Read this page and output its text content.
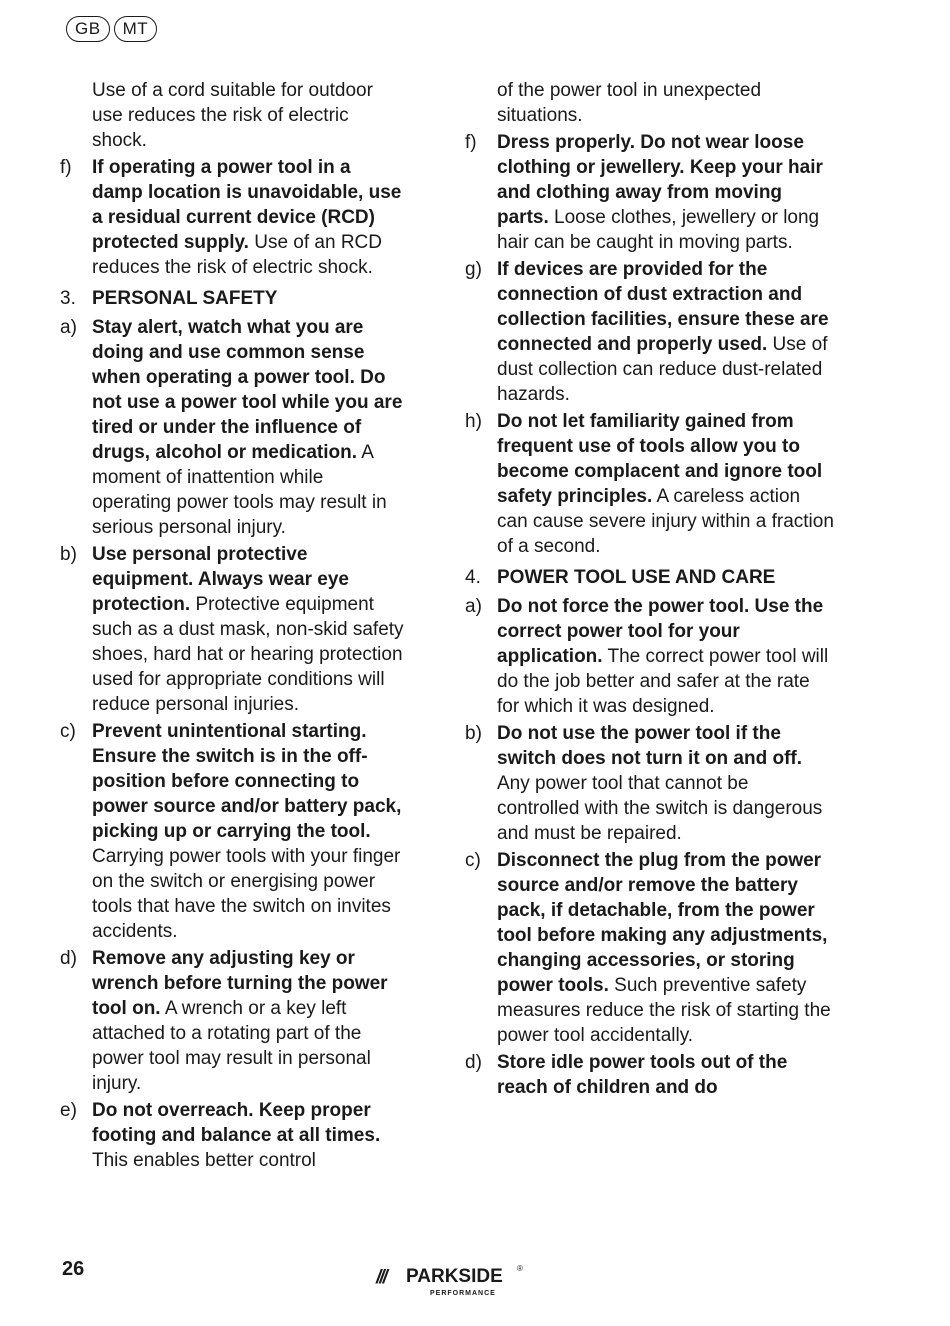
GB	MT
Use of a cord suitable for outdoor use reduces the risk of electric shock.
f) If operating a power tool in a damp location is unavoidable, use a residual current device (RCD) protected supply. Use of an RCD reduces the risk of electric shock.
3. PERSONAL SAFETY
a) Stay alert, watch what you are doing and use common sense when operating a power tool. Do not use a power tool while you are tired or under the influence of drugs, alcohol or medication. A moment of inattention while operating power tools may result in serious personal injury.
b) Use personal protective equipment. Always wear eye protection. Protective equipment such as a dust mask, non-skid safety shoes, hard hat or hearing protection used for appropriate conditions will reduce personal injuries.
c) Prevent unintentional starting. Ensure the switch is in the off-position before connecting to power source and/or battery pack, picking up or carrying the tool. Carrying power tools with your finger on the switch or energising power tools that have the switch on invites accidents.
d) Remove any adjusting key or wrench before turning the power tool on. A wrench or a key left attached to a rotating part of the power tool may result in personal injury.
e) Do not overreach. Keep proper footing and balance at all times. This enables better control
of the power tool in unexpected situations.
f) Dress properly. Do not wear loose clothing or jewellery. Keep your hair and clothing away from moving parts. Loose clothes, jewellery or long hair can be caught in moving parts.
g) If devices are provided for the connection of dust extraction and collection facilities, ensure these are connected and properly used. Use of dust collection can reduce dust-related hazards.
h) Do not let familiarity gained from frequent use of tools allow you to become complacent and ignore tool safety principles. A careless action can cause severe injury within a fraction of a second.
4. POWER TOOL USE AND CARE
a) Do not force the power tool. Use the correct power tool for your application. The correct power tool will do the job better and safer at the rate for which it was designed.
b) Do not use the power tool if the switch does not turn it on and off. Any power tool that cannot be controlled with the switch is dangerous and must be repaired.
c) Disconnect the plug from the power source and/or remove the battery pack, if detachable, from the power tool before making any adjustments, changing accessories, or storing power tools. Such preventive safety measures reduce the risk of starting the power tool accidentally.
d) Store idle power tools out of the reach of children and do
26	/// PARKSIDE ®
PERFORMANCE
